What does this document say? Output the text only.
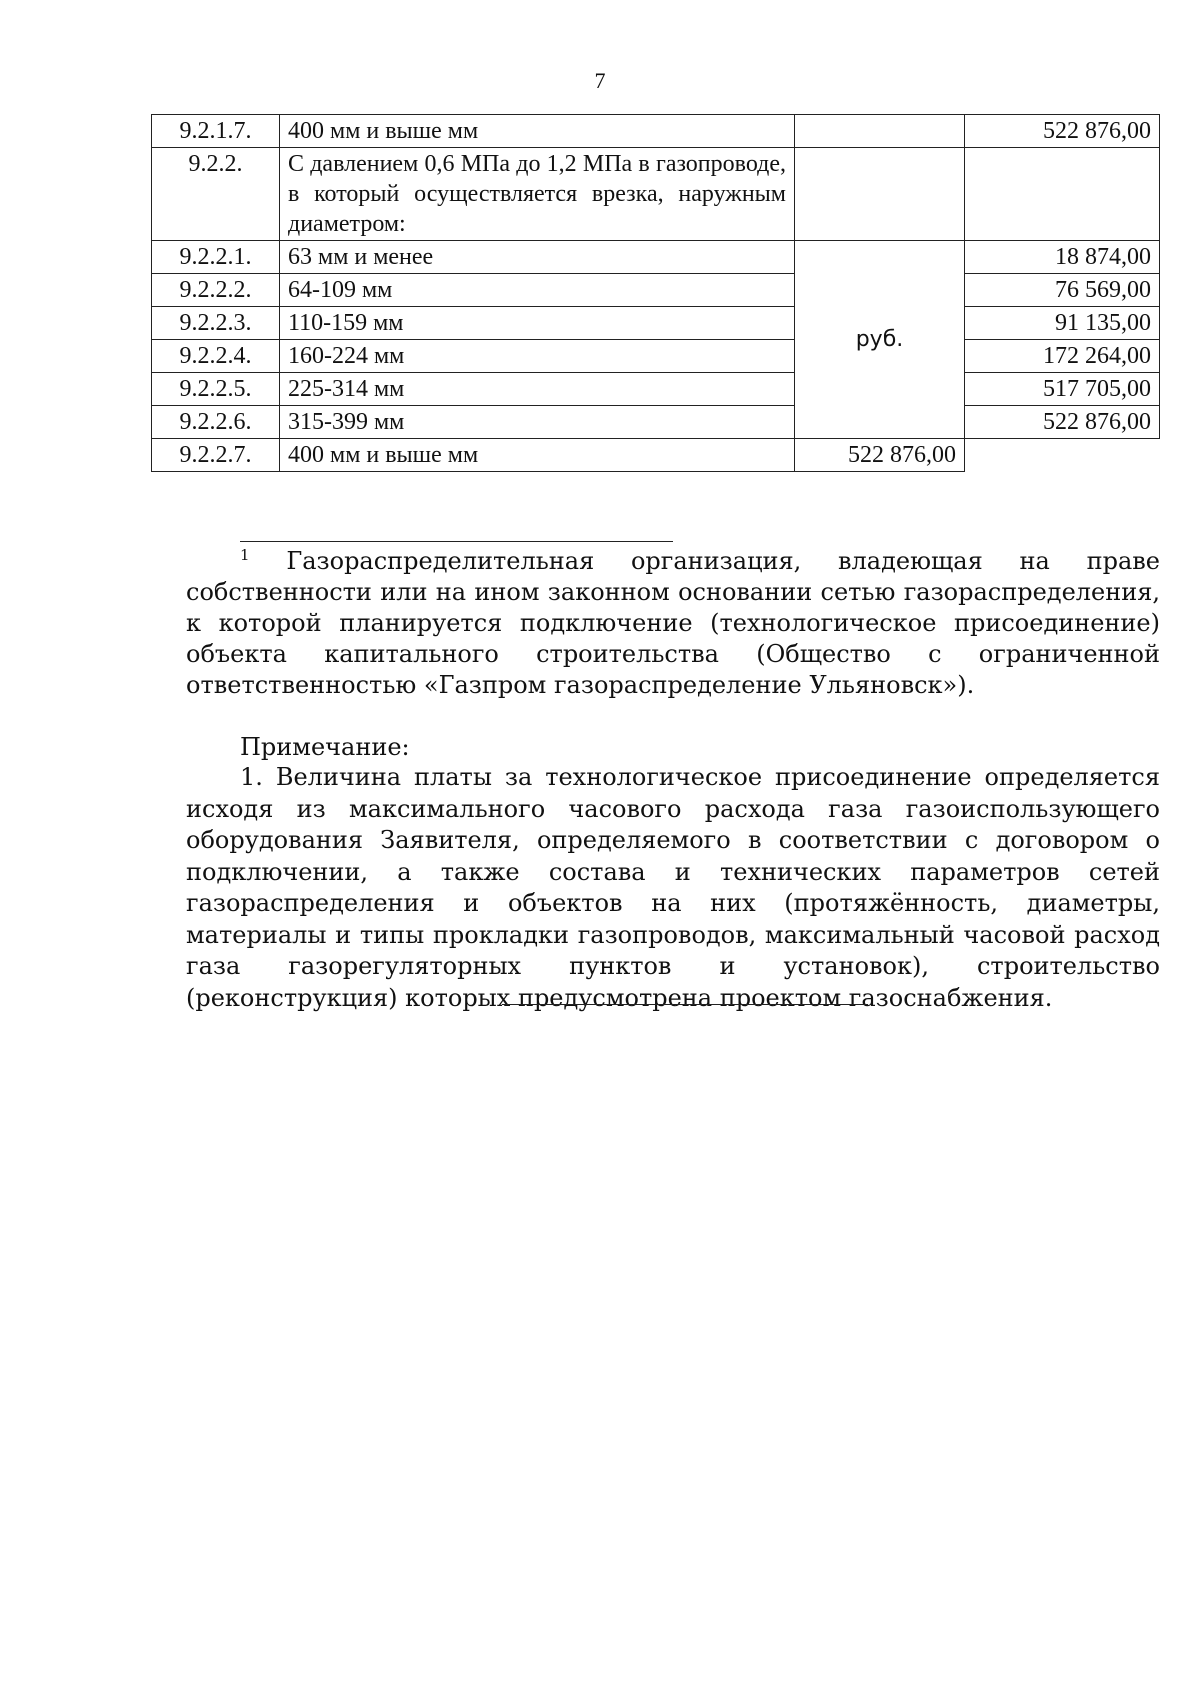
7
9.2.1.7.	400 мм и выше мм		522 876,00
9.2.2.	С давлением 0,6 МПа до 1,2 МПа в газопроводе, в который осуществляется врезка, наружным диаметром:		
9.2.2.1.	63 мм и менее	руб.	18 874,00
9.2.2.2.	64-109 мм		76 569,00
9.2.2.3.	110-159 мм		91 135,00
9.2.2.4.	160-224 мм		172 264,00
9.2.2.5.	225-314 мм		517 705,00
9.2.2.6.	315-399 мм		522 876,00
9.2.2.7.	400 мм и выше мм	522 876,00	
$^1$ Газораспределительная организация, владеющая на праве собственности или на ином законном основании сетью газораспределения, к которой планируется подключение (технологическое присоединение) объекта капитального строительства (Общество с ограниченной ответственностью «Газпром газораспределение Ульяновск»).
Примечание:
1. Величина платы за технологическое присоединение определяется исходя из максимального часового расхода газа газоиспользующего оборудования Заявителя, определяемого в соответствии с договором о подключении, а также состава и технических параметров сетей газораспределения и объектов на них (протяжённость, диаметры, материалы и типы прокладки газопроводов, максимальный часовой расход газа газорегуляторных пунктов и установок), строительство (реконструкция) которых предусмотрена проектом газоснабжения.
